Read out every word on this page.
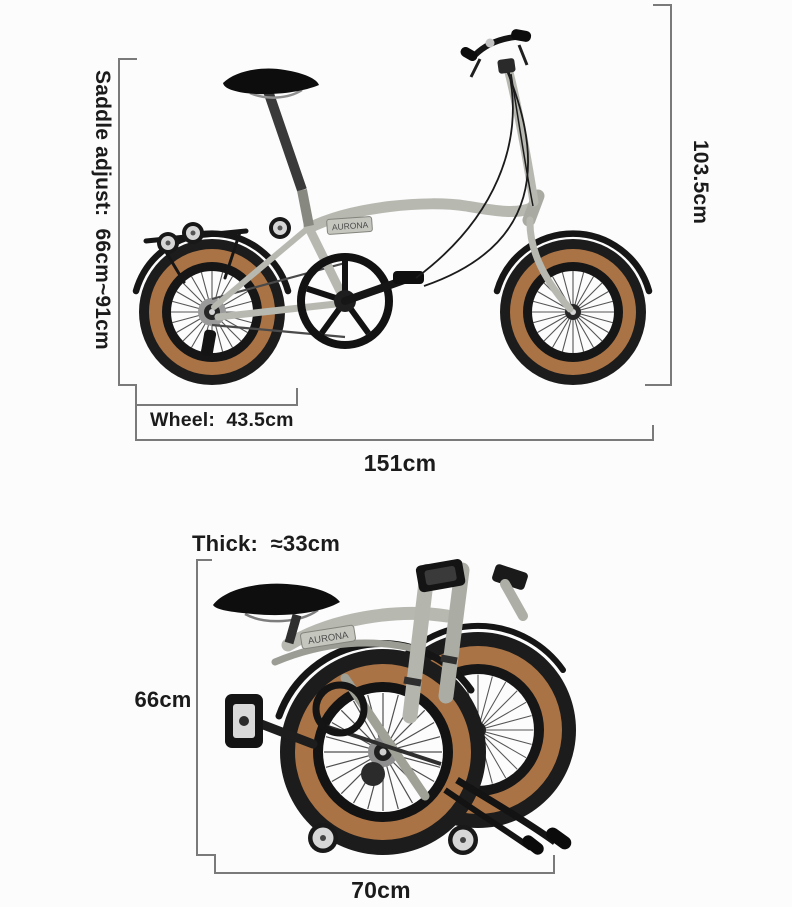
AURONA
AURONA
Saddle adjust:  66cm~91cm	103.5cm
Wheel:  43.5cm
151cm
Thick:  ≈33cm
66cm
70cm
